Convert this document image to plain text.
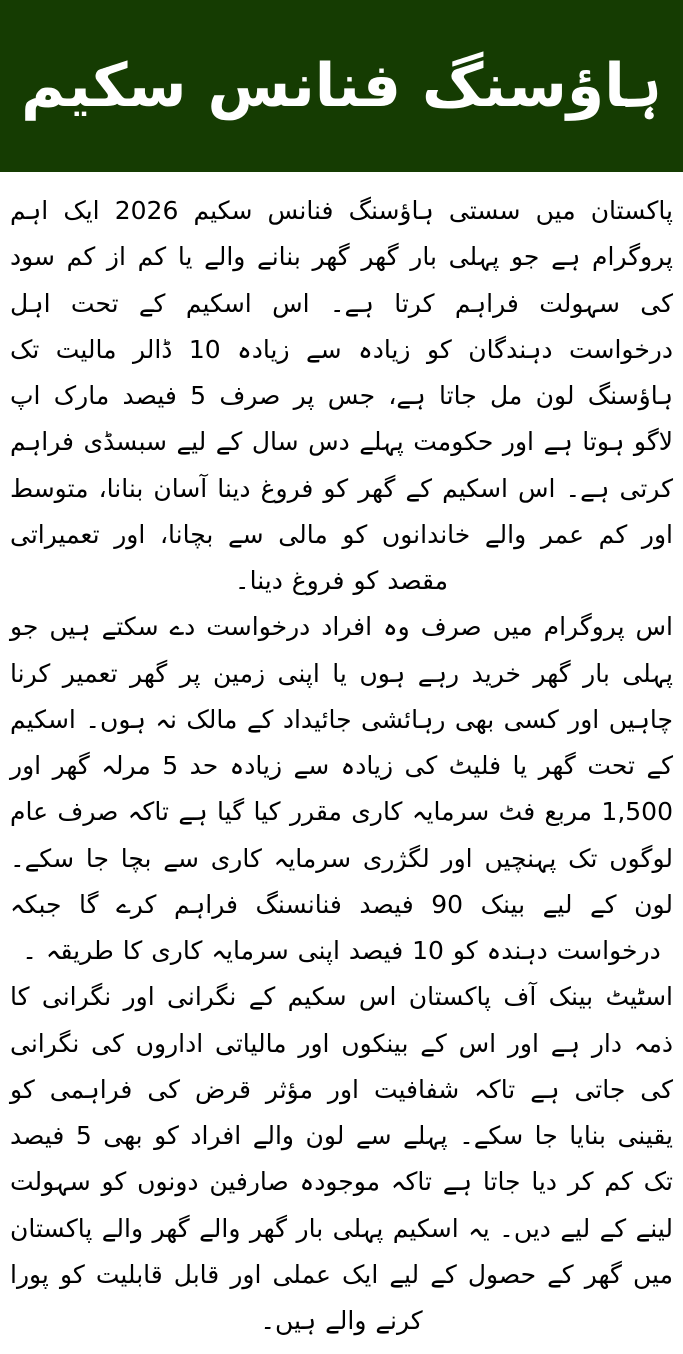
ہاؤسنگ فنانس سکیم

پاکستان میں سستی ہاؤسنگ فنانس سکیم 2026 ایک اہم پروگرام ہے جو پہلی بار گھر گھر بنانے والے یا کم از کم سود کی سہولت فراہم کرتا ہے۔ اس اسکیم کے تحت اہل درخواست دہندگان کو زیادہ سے زیادہ 10 ڈالر مالیت تک ہاؤسنگ لون مل جاتا ہے، جس پر صرف 5 فیصد مارک اپ لاگو ہوتا ہے اور حکومت پہلے دس سال کے لیے سبسڈی فراہم کرتی ہے۔ اس اسکیم کے گھر کو فروغ دینا آسان بنانا، متوسط اور کم عمر والے خاندانوں کو مالی سے بچانا، اور تعمیراتی مقصد کو فروغ دینا۔

اس پروگرام میں صرف وہ افراد درخواست دے سکتے ہیں جو پہلی بار گھر خرید رہے ہوں یا اپنی زمین پر گھر تعمیر کرنا چاہیں اور کسی بھی رہائشی جائیداد کے مالک نہ ہوں۔ اسکیم کے تحت گھر یا فلیٹ کی زیادہ سے زیادہ حد 5 مرلہ گھر اور 1,500 مربع فٹ سرمایہ کاری مقرر کیا گیا ہے تاکہ صرف عام لوگوں تک پہنچیں اور لگژری سرمایہ کاری سے بچا جا سکے۔ لون کے لیے بینک 90 فیصد فنانسنگ فراہم کرے گا جبکہ درخواست دہندہ کو 10 فیصد اپنی سرمایہ کاری کا طریقہ ۔

اسٹیٹ بینک آف پاکستان اس سکیم کے نگرانی اور نگرانی کا ذمہ دار ہے اور اس کے بینکوں اور مالیاتی اداروں کی نگرانی کی جاتی ہے تاکہ شفافیت اور مؤثر قرض کی فراہمی کو یقینی بنایا جا سکے۔ پہلے سے لون والے افراد کو بھی 5 فیصد تک کم کر دیا جاتا ہے تاکہ موجودہ صارفین دونوں کو سہولت لینے کے لیے دیں۔ یہ اسکیم پہلی بار گھر والے گھر والے پاکستان میں گھر کے حصول کے لیے ایک عملی اور قابل قابلیت کو پورا کرنے والے ہیں۔
